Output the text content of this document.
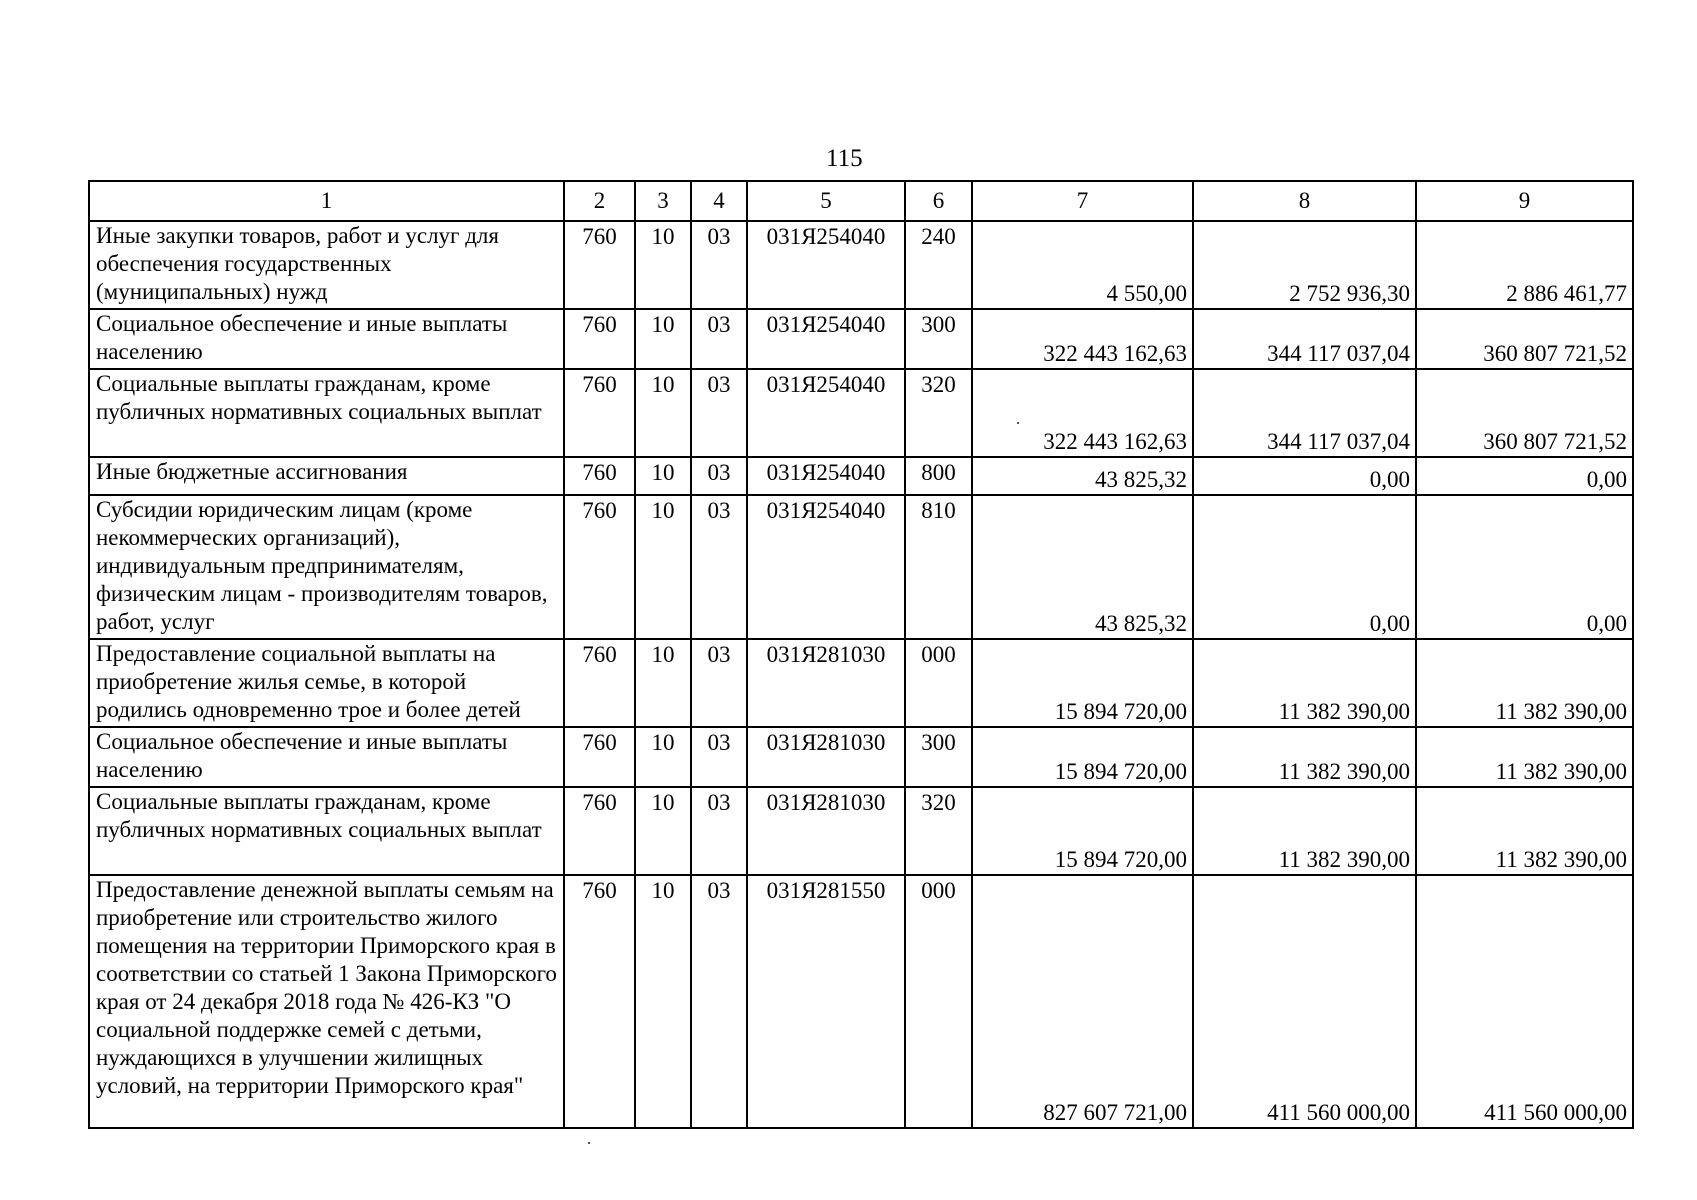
115
1	2	3	4	5	6	7	8	9
Иные закупки товаров, работ и услуг для обеспечения государственных (муниципальных) нужд	760	10	03	031Я254040	240	4 550,00	2 752 936,30	2 886 461,77
Социальное обеспечение и иные выплаты населению	760	10	03	031Я254040	300	322 443 162,63	344 117 037,04	360 807 721,52
Социальные выплаты гражданам, кроме публичных нормативных социальных выплат	760	10	03	031Я254040	320	322 443 162,63	344 117 037,04	360 807 721,52
Иные бюджетные ассигнования	760	10	03	031Я254040	800	43 825,32	0,00	0,00
Субсидии юридическим лицам (кроме некоммерческих организаций), индивидуальным предпринимателям, физическим лицам - производителям товаров, работ, услуг	760	10	03	031Я254040	810	43 825,32	0,00	0,00
Предоставление социальной выплаты на приобретение жилья семье, в которой родились одновременно трое и более детей	760	10	03	031Я281030	000	15 894 720,00	11 382 390,00	11 382 390,00
Социальное обеспечение и иные выплаты населению	760	10	03	031Я281030	300	15 894 720,00	11 382 390,00	11 382 390,00
Социальные выплаты гражданам, кроме публичных нормативных социальных выплат	760	10	03	031Я281030	320	15 894 720,00	11 382 390,00	11 382 390,00
Предоставление денежной выплаты семьям на приобретение или строительство жилого помещения на территории Приморского края в соответствии со статьей 1 Закона Приморского края от 24 декабря 2018 года № 426-КЗ "О социальной поддержке семей с детьми, нуждающихся в улучшении жилищных условий, на территории Приморского края"	760	10	03	031Я281550	000	827 607 721,00	411 560 000,00	411 560 000,00
